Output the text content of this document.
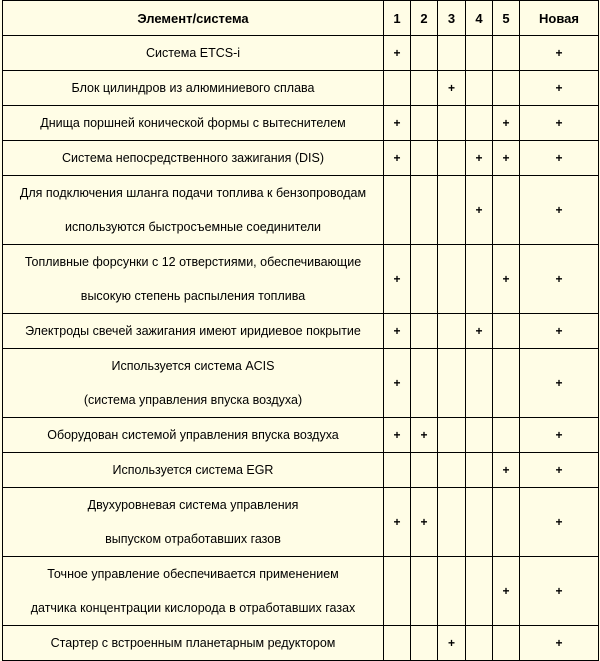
Элемент/система	1	2	3	4	5	Новая
Система ETCS-i	+					+
Блок цилиндров из алюминиевого сплава			+			+
Днища поршней конической формы с вытеснителем	+				+	+
Система непосредственного зажигания (DIS)	+			+	+	+
Для подключения шланга подачи топлива к бензопроводам
используются быстросъемные соединители				+		+
Топливные форсунки с 12 отверстиями, обеспечивающие
высокую степень распыления топлива	+				+	+
Электроды свечей зажигания имеют иридиевое покрытие	+			+		+
Используется система ACIS
(система управления впуска воздуха)	+					+
Оборудован системой управления впуска воздуха	+	+				+
Используется система EGR					+	+
Двухуровневая система управления
выпуском отработавших газов	+	+				+
Точное управление обеспечивается применением
датчика концентрации кислорода в отработавших газах					+	+
Стартер с встроенным планетарным редуктором			+			+
